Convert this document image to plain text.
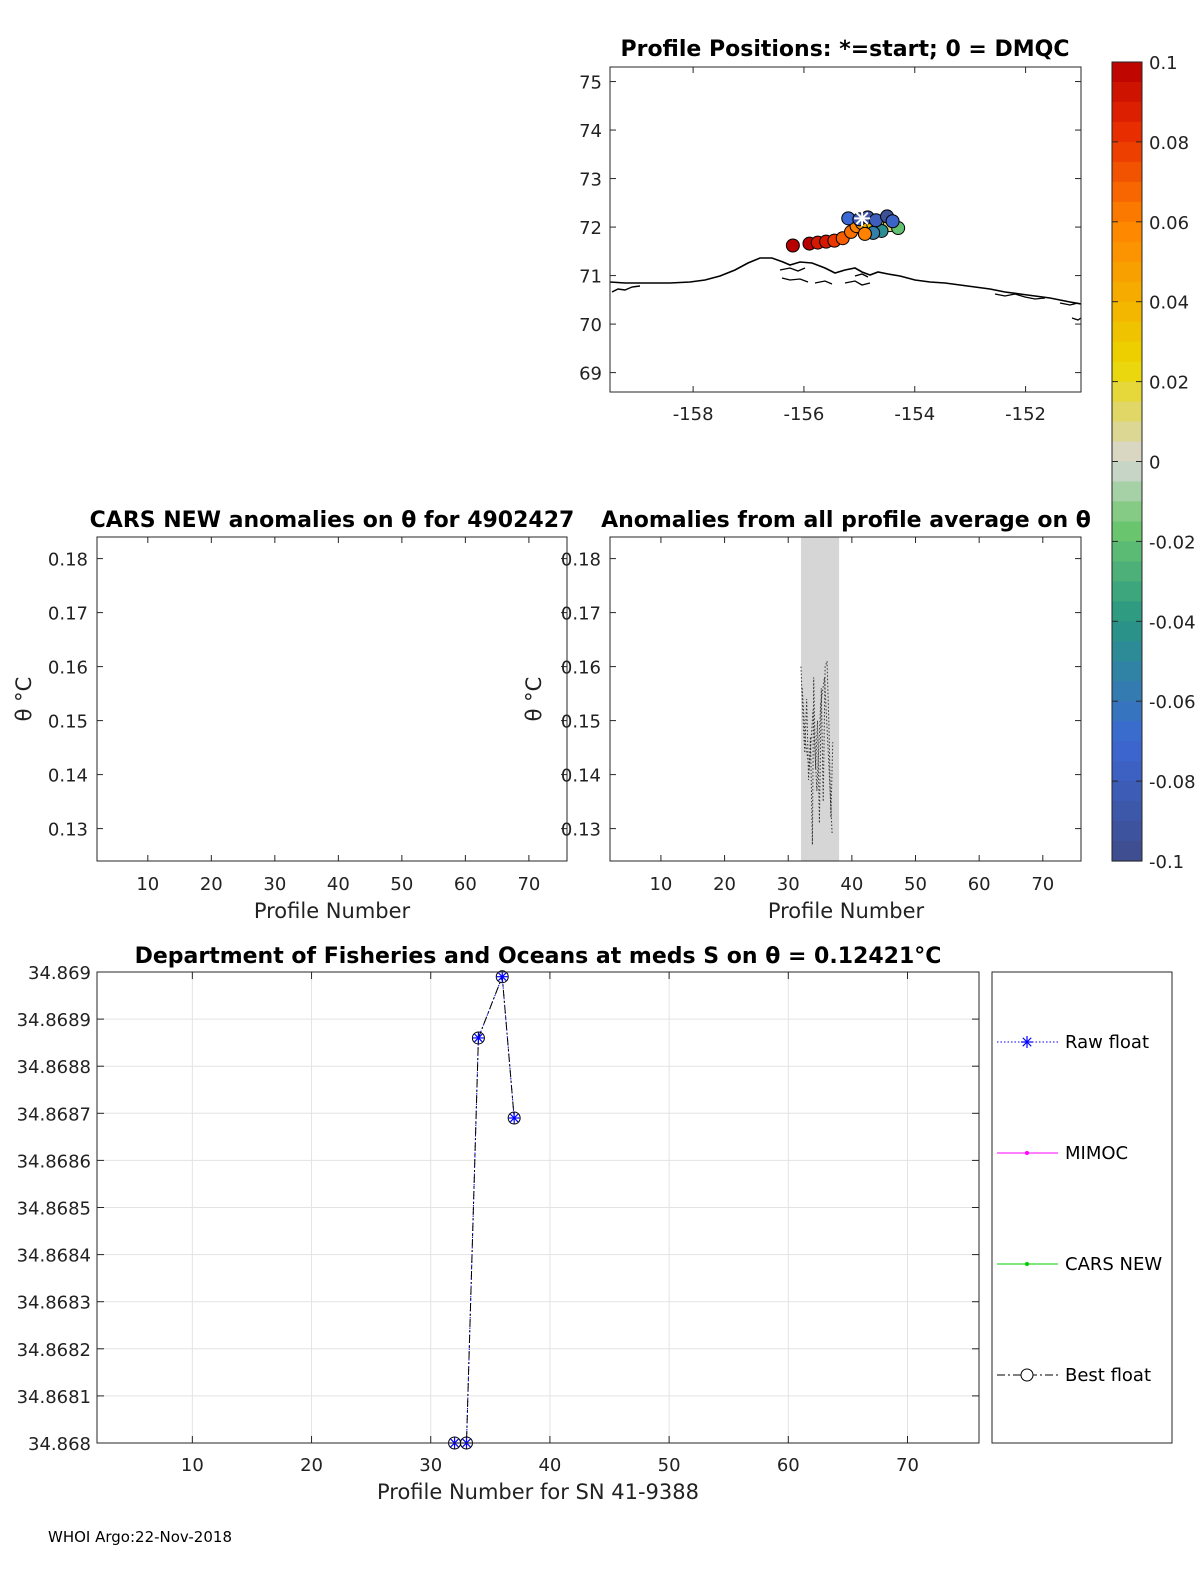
-158	-156	-154	-152
69
70
71
72
73
74
75
Profile Positions: *=start; 0 = DMQC
0.1
0.08
0.06
0.04
0.02
0
-0.02
-0.04
-0.06
-0.08
-0.1
10 20 30 40 50 60 70
0.13
0.14
0.15
0.16
0.17
0.18
Profile Number
θ °C
10 20 30 40 50 60 70
0.13
0.14
0.15
0.16
0.17
0.18
Profile Number
θ °C
CARS NEW anomalies on θ for 4902427 Anomalies from all profile average on θ
10	20	30	40	50	60	70
34.868
34.8681
34.8682
34.8683
34.8684
34.8685
34.8686
34.8687
34.8688
34.8689
34.869
Department of Fisheries and Oceans at meds S on θ = 0.12421°C
Profile Number for SN 41-9388
Raw float
MIMOC
CARS NEW
Best float
WHOI Argo:22-Nov-2018
